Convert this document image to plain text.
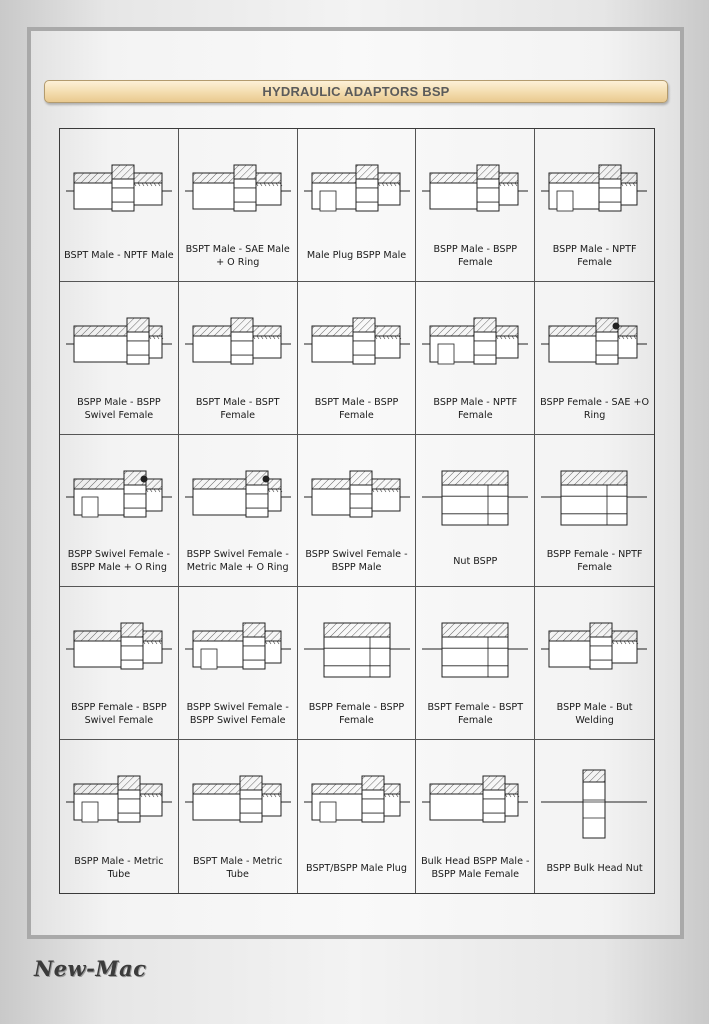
HYDRAULIC ADAPTORS BSP
BSPT Male - NPTF Male
BSPT Male - SAE Male + O Ring
Male Plug BSPP Male
BSPP Male - BSPP Female
BSPP Male - NPTF Female
BSPP Male - BSPP Swivel Female
BSPT Male - BSPT Female
BSPT Male - BSPP Female
BSPP Male - NPTF Female
BSPP Female - SAE +O Ring
BSPP Swivel Female - BSPP Male + O Ring
BSPP Swivel Female - Metric Male + O Ring
BSPP Swivel Female - BSPP Male
Nut BSPP
BSPP Female - NPTF Female
BSPP Female - BSPP Swivel Female
BSPP Swivel Female - BSPP Swivel Female
BSPP Female - BSPP Female
BSPT Female - BSPT Female
BSPP Male - But Welding
BSPP Male - Metric Tube
BSPT Male - Metric Tube
BSPT/BSPP Male Plug
Bulk Head BSPP Male - BSPP Male Female
BSPP Bulk Head Nut
New-Mac
